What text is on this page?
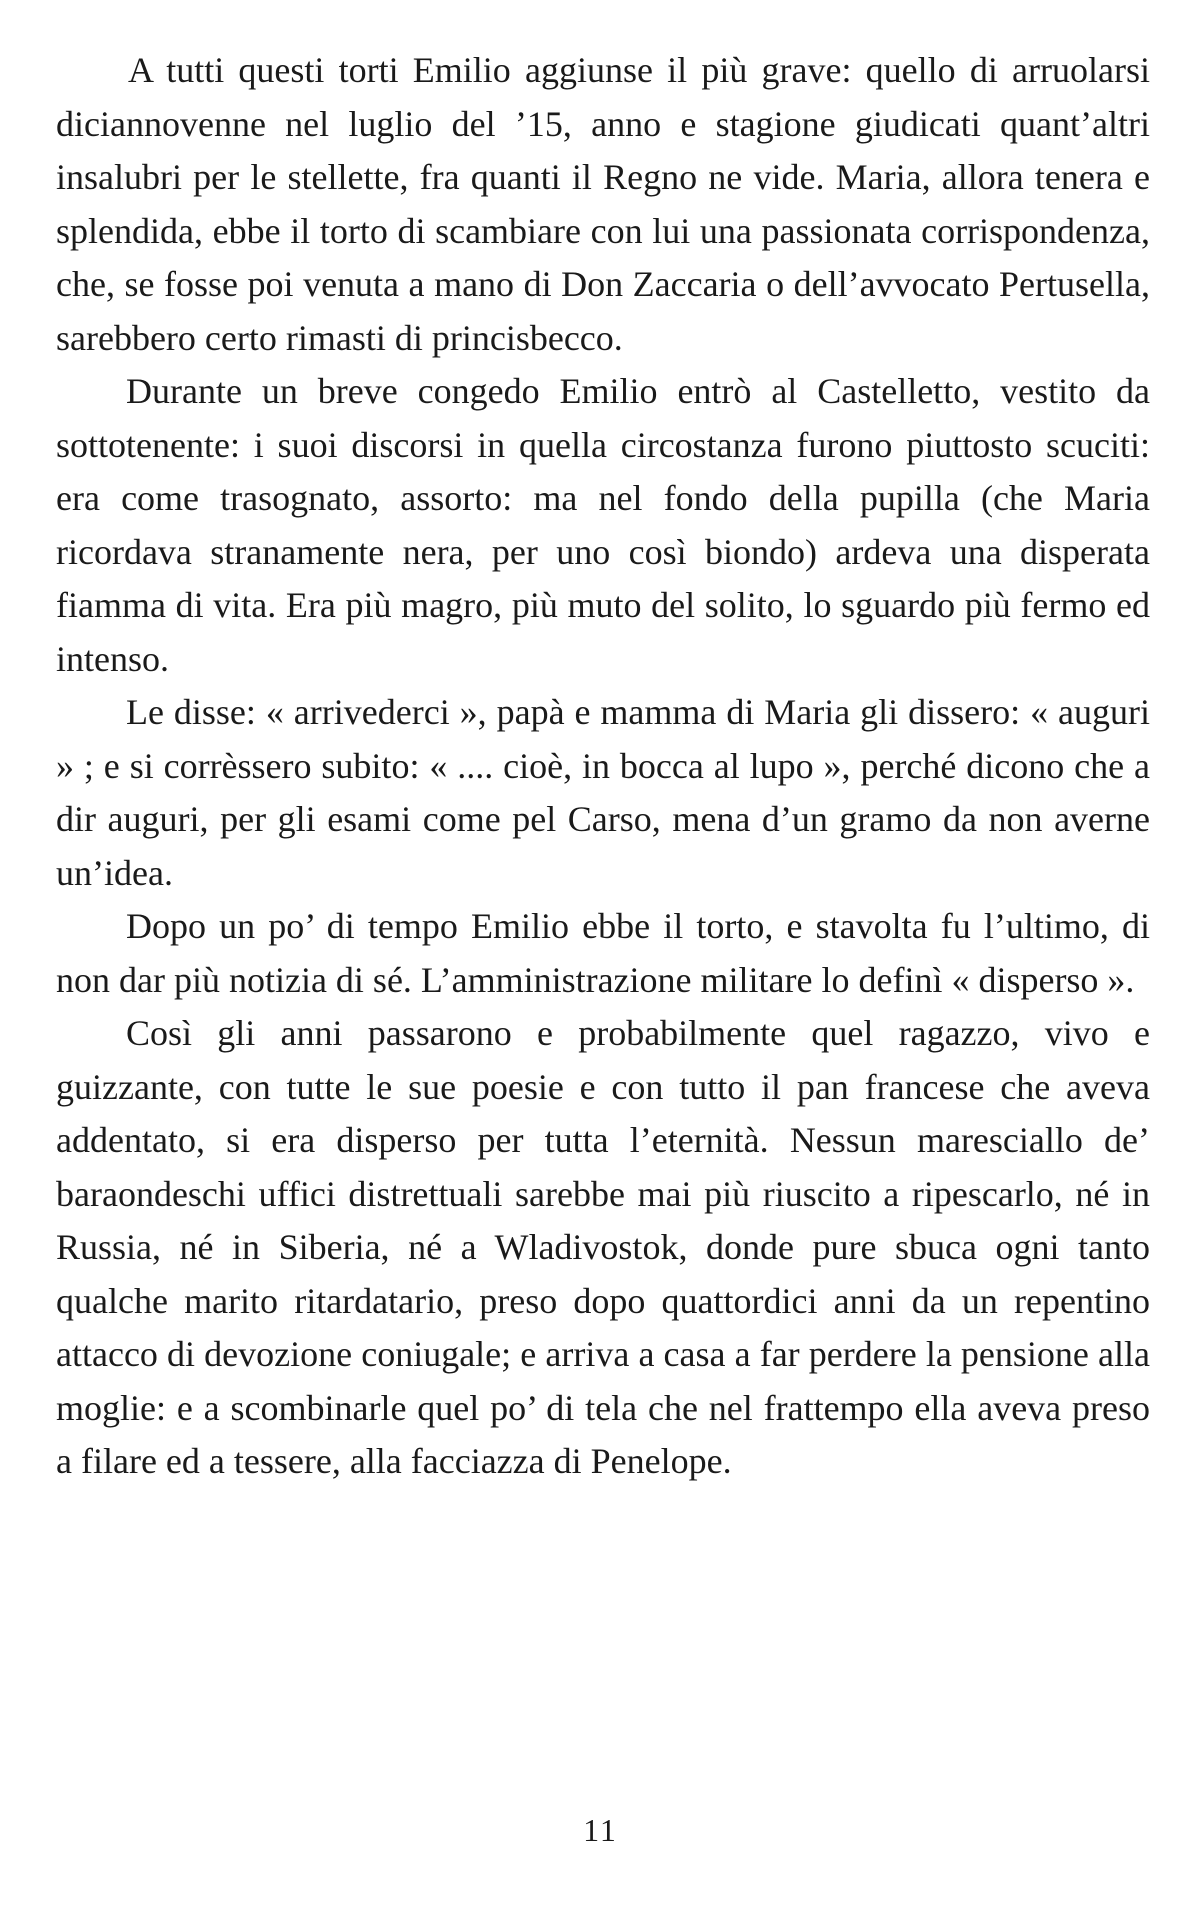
A tutti questi torti Emilio aggiunse il più grave: quello di arruolarsi diciannovenne nel luglio del ’15, anno e stagione giudicati quant’altri insalubri per le stellette, fra quanti il Regno ne vide. Maria, allora tenera e splendida, ebbe il torto di scambiare con lui una passionata corrispondenza, che, se fosse poi venuta a mano di Don Zaccaria o dell’avvocato Pertusella, sarebbero certo rimasti di princisbecco.

Durante un breve congedo Emilio entrò al Castelletto, vestito da sottotenente: i suoi discorsi in quella circostanza furono piuttosto scuciti: era come trasognato, assorto: ma nel fondo della pupilla (che Maria ricordava stranamente nera, per uno così biondo) ardeva una disperata fiamma di vita. Era più magro, più muto del solito, lo sguardo più fermo ed intenso.

Le disse: « arrivederci », papà e mamma di Maria gli dissero: « auguri » ; e si corrèssero subito: « .... cioè, in bocca al lupo », perché dicono che a dir auguri, per gli esami come pel Carso, mena d’un gramo da non averne un’idea.

Dopo un po’ di tempo Emilio ebbe il torto, e stavolta fu l’ultimo, di non dar più notizia di sé. L’amministrazione militare lo definì « disperso ».

Così gli anni passarono e probabilmente quel ragazzo, vivo e guizzante, con tutte le sue poesie e con tutto il pan francese che aveva addentato, si era disperso per tutta l’eternità. Nessun maresciallo de’ baraondeschi uffici distrettuali sarebbe mai più riuscito a ripescarlo, né in Russia, né in Siberia, né a Wladivostok, donde pure sbuca ogni tanto qualche marito ritardatario, preso dopo quattordici anni da un repentino attacco di devozione coniugale; e arriva a casa a far perdere la pensione alla moglie: e a scombinarle quel po’ di tela che nel frattempo ella aveva preso a filare ed a tessere, alla facciazza di Penelope.

11
